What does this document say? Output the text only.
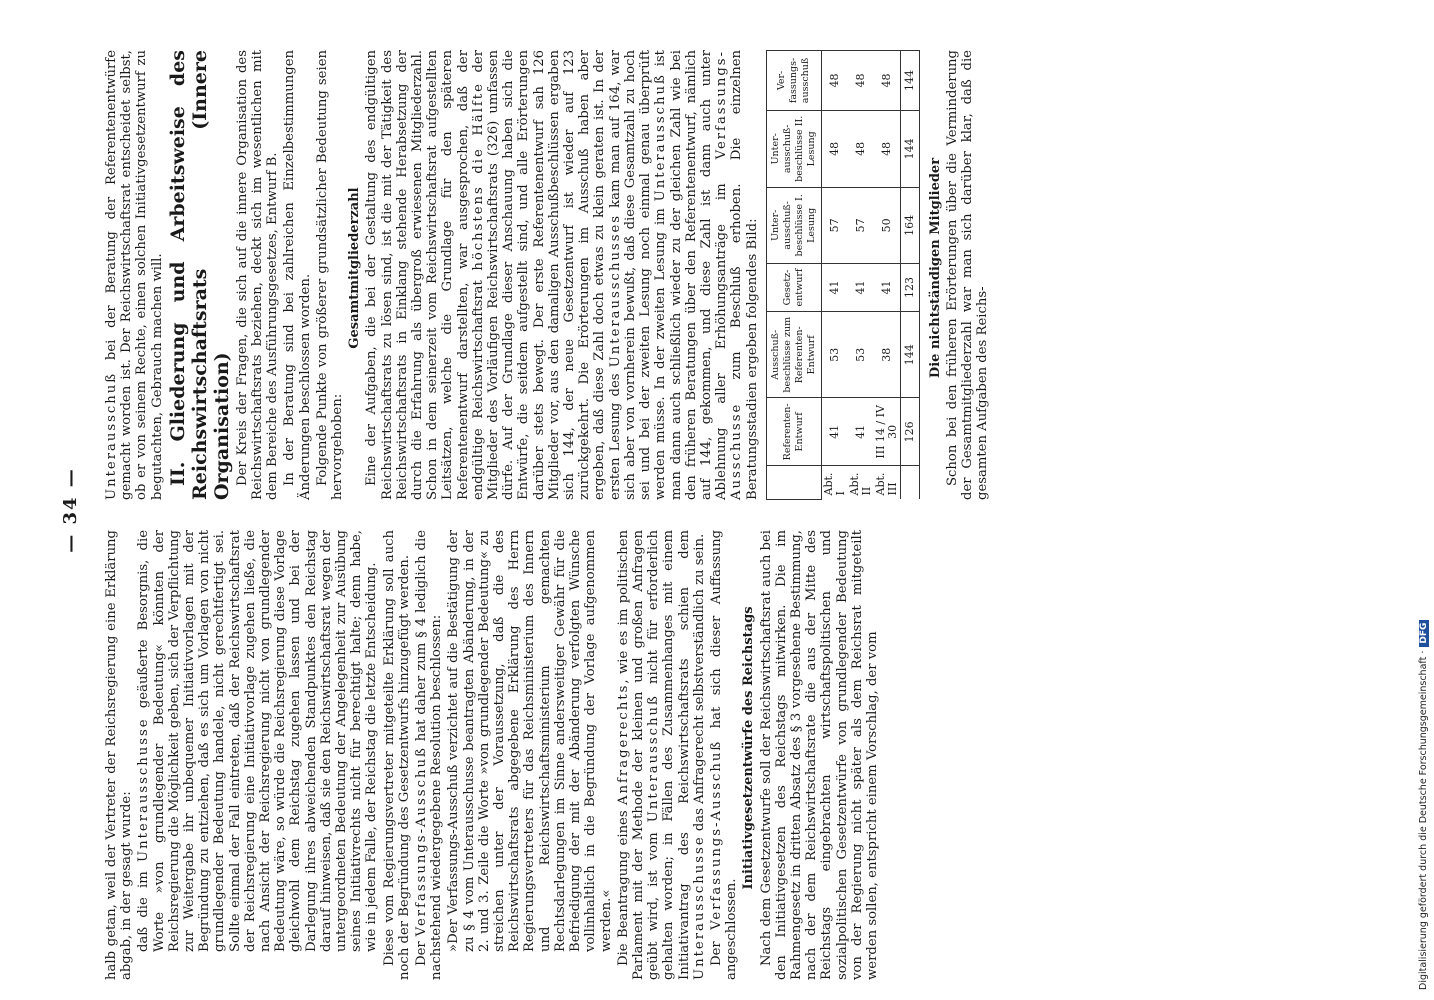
— 34 —

halb getan, weil der Vertreter der Reichsregierung eine Erklärung abgab, in der gesagt wurde: daß die im Unterausschusse geäußerte Besorgnis, die Worte »von grundlegender Bedeutung« könnten der Reichsregierung die Möglichkeit geben, sich der Verpflichtung zur Weitergabe ihr unbequemer Initiativvorlagen mit der Begründung zu entziehen, daß es sich um Vorlagen von nicht grundlegender Bedeutung handele, nicht gerechtfertigt sei. Sollte einmal der Fall eintreten, daß der Reichswirtschaftsrat der Reichsregierung eine Initiativvorlage zugehen ließe, die nach Ansicht der Reichsregierung nicht von grundlegender Bedeutung wäre, so würde die Reichsregierung diese Vorlage gleichwohl dem Reichstag zugehen lassen und bei der Darlegung ihres abweichenden Standpunktes den Reichstag darauf hinweisen, daß sie den Reichswirtschaftsrat wegen der untergeordneten Bedeutung der Angelegenheit zur Ausübung seines Initiativrechts nicht für berechtigt halte; denn habe, wie in jedem Falle, der Reichstag die letzte Entscheidung. Diese vom Regierungsvertreter mitgeteilte Erklärung soll auch noch der Begründung des Gesetzentwurfs hinzugefügt werden. Der Verfassungs-Ausschuß hat daher zum § 4 lediglich die nachstehend wiedergegebene Resolution beschlossen: »Der Verfassungs-Ausschuß verzichtet auf die Bestätigung der zu § 4 vom Unterausschusse beantragten Abänderung, in der 2. und 3. Zeile die Worte »von grundlegender Bedeutung« zu streichen unter der Voraussetzung, daß die des Reichswirtschaftsrats abgegebene Erklärung des Herrn Regierungsvertreters für das Reichsministerium des Innern und Reichswirtschaftsministerium gemachten Rechtsdarlegungen im Sinne andersweitiger Gewähr für die Befriedigung der mit der Abänderung verfolgten Wünsche vollinhaltlich in die Begründung der Vorlage aufgenommen werden.« Die Beantragung eines Anfragerechts, wie es im politischen Parlament mit der Methode der kleinen und großen Anfragen geübt wird, ist vom Unterausschuß nicht für erforderlich gehalten worden; in Fällen des Zusammenhanges mit einem Initiativantrag des Reichswirtschaftsrats schien dem Unterausschusse das Anfragerecht selbstverständlich zu sein.

Der Verfassungs-Ausschuß hat sich dieser Auffassung angeschlossen.

Initiativgesetzentwürfe des Reichstags Nach dem Gesetzentwurfe soll der Reichswirtschaftsrat auch bei den Initiativgesetzen des Reichstags mitwirken. Die im Rahmengesetz in dritten Absatz des § 3 vorgesehene Bestimmung, nach der dem Reichswirtschaftsrate die aus der Mitte des Reichstags eingebrachten wirtschaftspolitischen und sozialpolitischen Gesetzentwürfe von grundlegender Bedeutung von der Regierung nicht später als dem Reichsrat mitgeteilt werden sollen, entspricht einem Vorschlag, der vom

Unterausschuß bei der Beratung der Referentenentwürfe gemacht worden ist. Der Reichswirtschaftsrat entscheidet selbst, ob er von seinem Rechte, einen solchen Initiativgesetzentwurf zu begutachten, Gebrauch machen will. II. Gliederung und Arbeitsweise des Reichswirtschaftsrats (Innere Organisation) Der Kreis der Fragen, die sich auf die innere Organisation des Reichswirtschaftsrats beziehen, deckt sich im wesentlichen mit dem Bereiche des Ausführungsgesetzes, Entwurf B. In der Beratung sind bei zahlreichen Einzelbestimmungen Änderungen beschlossen worden. Folgende Punkte von größerer grundsätzlicher Bedeutung seien hervorgehoben:

Gesamtmitgliederzahl Eine der Aufgaben, die bei der Gestaltung des endgültigen Reichswirtschaftsrats zu lösen sind, ist die mit der Tätigkeit des Reichswirtschaftsrats in Einklang stehende Herabsetzung der durch die Erfahrung als übergroß erwiesenen Mitgliederzahl. Schon in dem seinerzeit vom Reichswirtschaftsrat aufgestellten Leitsätzen, welche die Grundlage für den späteren Referentenentwurf darstellten, war ausgesprochen, daß der endgültige Reichswirtschaftsrat höchstens die Hälfte der Mitglieder des Vorläufigen Reichswirtschaftsrats (326) umfassen dürfe. Auf der Grundlage dieser Anschauung haben sich die Entwürfe, die seitdem aufgestellt sind, und alle Erörterungen darüber stets bewegt. Der erste Referentenentwurf sah 126 Mitglieder vor, aus den damaligen Ausschußbeschlüssen ergaben sich 144, der neue Gesetzentwurf ist wieder auf 123 zurückgekehrt. Die Erörterungen im Ausschuß haben aber ergeben, daß diese Zahl doch etwas zu klein geraten ist. In der ersten Lesung des Unterausschusses kam man auf 164, war sich aber von vornherein bewußt, daß diese Gesamtzahl zu hoch sei und bei der zweiten Lesung noch einmal genau überprüft werden müsse. In der zweiten Lesung im Unterausschuß ist man dann auch schließlich wieder zu der gleichen Zahl wie bei den früheren Beratungen über den Referentenentwurf, nämlich auf 144, gekommen, und diese Zahl ist dann auch unter Ablehnung aller Erhöhungsanträge im Verfassungs-Ausschusse zum Beschluß erhoben. Die einzelnen Beratungsstadien ergeben folgendes Bild:

	Referenten-Entwurf	Ausschuß-beschlüsse zum Referenten-Entwurf	Gesetz-entwurf	Unter-ausschuß-beschlüsse I. Lesung	Unter-ausschuß-beschlüsse II. Lesung	Ver-fassungs-ausschuß
Abt. I	41	53	41	57	48	48
Abt. II	41	53	41	57	48	48
Abt. III	III 14 / IV 30	38	41	50	48	48
	126	144	123	164	144	144

Die nichtständigen Mitglieder Schon bei den früheren Erörterungen über die Verminderung der Gesamtmitgliederzahl war man sich darüber klar, daß die gesamten Aufgaben des Reichs-

Digitalisierung gefördert durch die Deutsche Forschungsgemeinschaft ·DFG
